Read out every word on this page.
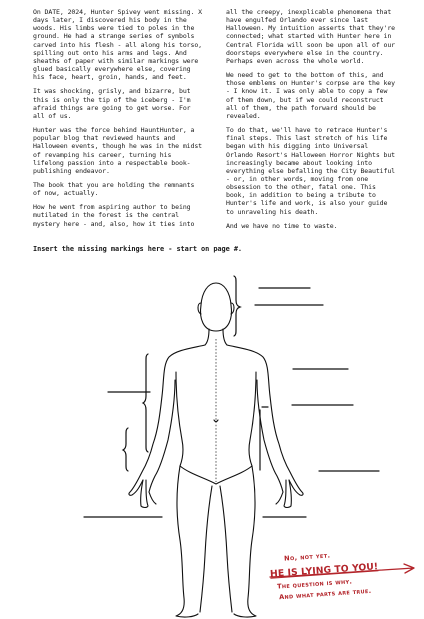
On DATE, 2024, Hunter Spivey went missing. X days later, I discovered his body in the woods. His limbs were tied to poles in the ground. He had a strange series of symbols carved into his flesh - all along his torso, spilling out onto his arms and legs. And sheaths of paper with similar markings were glued basically everywhere else, covering his face, heart, groin, hands, and feet.

It was shocking, grisly, and bizarre, but this is only the tip of the iceberg - I'm afraid things are going to get worse. For all of us.

Hunter was the force behind HauntHunter, a popular blog that reviewed haunts and Halloween events, though he was in the midst of revamping his career, turning his lifelong passion into a respectable book-publishing endeavor.

The book that you are holding the remnants of now, actually.

How he went from aspiring author to being mutilated in the forest is the central mystery here - and, also, how it ties into

all the creepy, inexplicable phenomena that have engulfed Orlando ever since last Halloween. My intuition asserts that they're connected; what started with Hunter here in Central Florida will soon be upon all of our doorsteps everywhere else in the country. Perhaps even across the whole world.

We need to get to the bottom of this, and those emblems on Hunter's corpse are the key - I know it. I was only able to copy a few of them down, but if we could reconstruct all of them, the path forward should be revealed.

To do that, we'll have to retrace Hunter's final steps. This last stretch of his life began with his digging into Universal Orlando Resort's Halloween Horror Nights but increasingly became about looking into everything else befalling the City Beautiful - or, in other words, moving from one obsession to the other, fatal one. This book, in addition to being a tribute to Hunter's life and work, is also your guide to unraveling his death.

And we have no time to waste.

Insert the missing markings here - start on page #.
No, not yet.
HE IS LYING TO YOU!
The question is why.
And what parts are true.
